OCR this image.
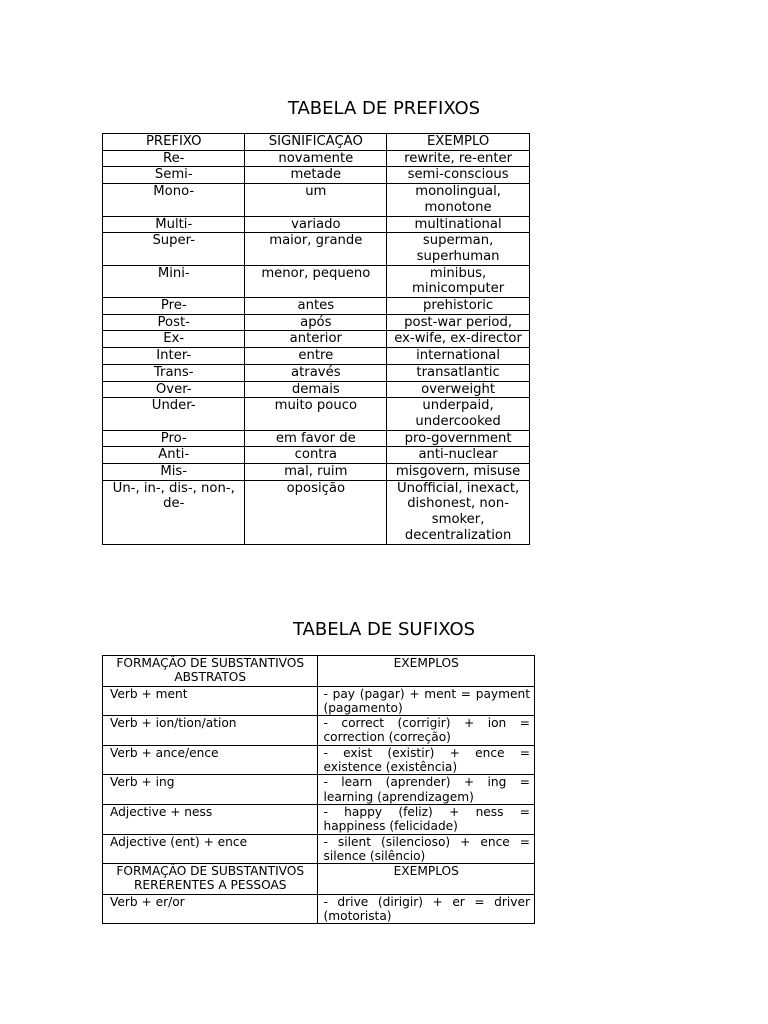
TABELA DE PREFIXOS
PREFIXO	SIGNIFICAÇÃO	EXEMPLO
Re-	novamente	rewrite, re-enter
Semi-	metade	semi-conscious
Mono-	um	monolingual, monotone
Multi-	variado	multinational
Super-	maior, grande	superman, superhuman
Mini-	menor, pequeno	minibus, minicomputer
Pre-	antes	prehistoric
Post-	após	post-war period,
Ex-	anterior	ex-wife, ex-director
Inter-	entre	international
Trans-	através	transatlantic
Over-	demais	overweight
Under-	muito pouco	underpaid, undercooked
Pro-	em favor de	pro-government
Anti-	contra	anti-nuclear
Mis-	mal, ruim	misgovern, misuse
Un-, in-, dis-, non-, de-	oposição	Unofficial, inexact, dishonest, non-smoker, decentralization
TABELA DE SUFIXOS
FORMAÇÃO DE SUBSTANTIVOS ABSTRATOS	EXEMPLOS
Verb + ment	- pay (pagar) + ment = payment (pagamento)
Verb + ion/tion/ation	- correct (corrigir) + ion = correction (correção)
Verb + ance/ence	- exist (existir) + ence = existence (existência)
Verb + ing	- learn (aprender) + ing = learning (aprendizagem)
Adjective + ness	- happy (feliz) + ness = happiness (felicidade)
Adjective (ent) + ence	- silent (silencioso) + ence = silence (silêncio)
FORMAÇÃO DE SUBSTANTIVOS RERERENTES A PESSOAS	EXEMPLOS
Verb + er/or	- drive (dirigir) + er = driver (motorista)
